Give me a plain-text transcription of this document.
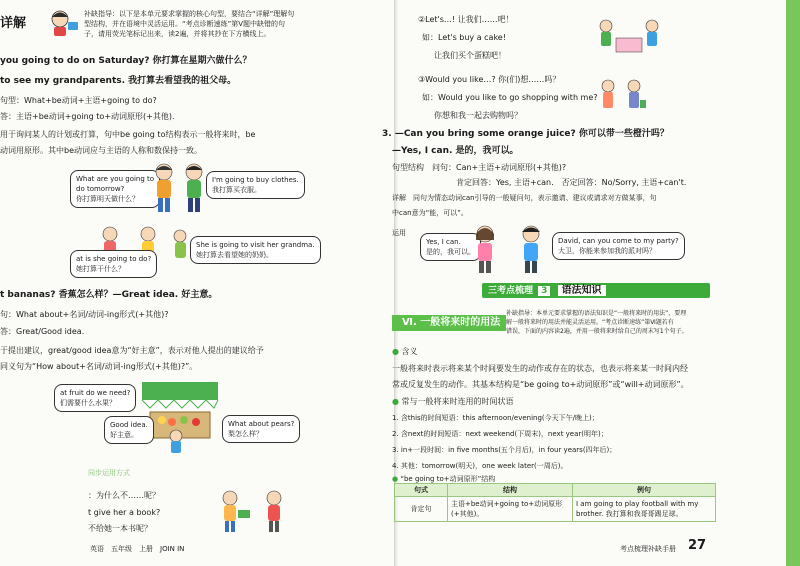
详解
补缺指导：以下是本单元要求掌握的核心句型，要结合“详解”理解句
型结构，并在语境中灵活运用。“考点诊断速练”第Ⅴ题中缺错的句
子，请用荧光笔标记出来，读2遍，并将其抄在下方横线上。
you going to do on Saturday? 你打算在星期六做什么？
to see my grandparents. 我打算去看望我的祖父母。
句型：What+be动词+主语+going to do?
答：主语+be动词+going to+动词原形(+其他).
用于询问某人的计划或打算，句中be going to结构表示一般将来时，be
动词用原形。其中be动词应与主语的人称和数保持一致。
What are you going to
do tomorrow?
你打算明天做什么？
I'm going to buy clothes.
我打算买衣服。
at is she going to do?
她打算干什么？
She is going to visit her grandma.
她打算去看望她的奶奶。
t bananas? 香蕉怎么样？—Great idea. 好主意。
句：What about+名词/动词-ing形式(+其他)?
答：Great/Good idea.
于提出建议，great/good idea意为“好主意”，表示对他人提出的建议给予
同义句为“How about+名词/动词-ing形式(+其他)?”。
at fruit do we need?
们需要什么水果？
Good idea.
好主意。
What about pears?
梨怎么样？
同步运用方式
：为什么不……呢？
t give her a book?
不给她一本书呢？
英语　五年级　上册　JOIN IN
②Let's…! 让我们……吧！
如：Let's buy a cake!
让我们买个蛋糕吧！
③Would you like…? 你(们)想……吗？
如：Would you like to go shopping with me?
你想和我一起去购物吗？
3. —Can you bring some orange juice? 你可以带一些橙汁吗？
—Yes, I can. 是的，我可以。
句型结构　问句：Can+主语+动词原形(+其他)?
肯定回答：Yes, 主语+can.　否定回答：No/Sorry, 主语+can't.
详解　同句为情态动词can引导的一般疑问句，表示邀请、建议或请求对方做某事，句
中can意为“能，可以”。
运用
Yes, I can.
是的，我可以。
David, can you come to my party?
大卫，你能来参加我的派对吗？
三考点梳理 3 语法知识
Ⅵ. 一般将来时的用法
补缺指导：本单元要求掌握的语法知识是“一般将来时的用法”，要理
解一般将来时的用法并能灵活运用。“考点诊断速练”第Ⅵ题若有
错误，下面的内容读2遍，并用一般将来时给自己的周末写1个句子。
● 含义
一般将来时表示将来某个时间要发生的动作或存在的状态，也表示将来某一时间内经
常或反复发生的动作。其基本结构是“be going to+动词原形”或“will+动词原形”。
● 常与一般将来时连用的时间状语
1. 含this的时间短语：this afternoon/evening(今天下午/晚上)；
2. 含next的时间短语：next weekend(下周末)，next year(明年)；
3. in+一段时间：in five months(五个月后)，in four years(四年后)；
4. 其他：tomorrow(明天)，one week later(一周后)。
● “be going to+动词原形”结构
句式	结构	例句
肯定句	主语+be动词+going to+动词原形(+其他)。	I am going to play football with my brother. 我打算和我哥哥踢足球。
考点梳理补缺手册 27
